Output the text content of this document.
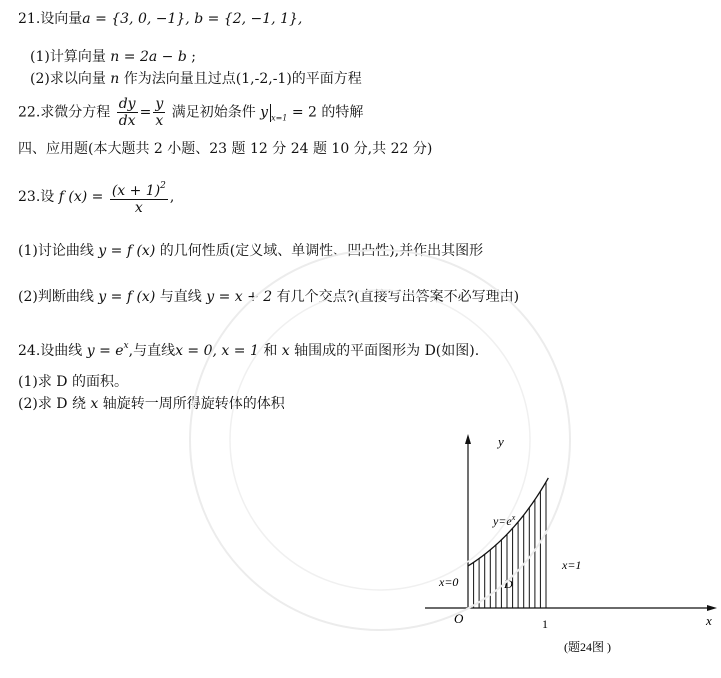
21.设向量a = {3, 0, −1}, b = {2, −1, 1},
(1)计算向量 n = 2a − b ;
(2)求以向量 n 作为法向量且过点(1,-2,-1)的平面方程
22.求微分方程 $\frac{dy}{dx} = \frac{y}{x}$ 满足初始条件 y $_{x=1}$ = 2 的特解
四、应用题(本大题共 2 小题、23 题 12 分 24 题 10 分,共 22 分)
23.设 f $(x) = \frac{(x + 1)^2}{x}$ ,
(1)讨论曲线 y = f (x) 的几何性质(定义域、单调性、凹凸性),并作出其图形
(2)判断曲线 y = f (x) 与直线 y = x + 2 有几个交点?(直接写出答案不必写理由)
24.设曲线 $y = e^x$,与直线x = 0, x = 1 和 x 轴围成的平面图形为 D(如图).
(1)求 D 的面积。
(2)求 D 绕 x 轴旋转一周所得旋转体的体积
y
x
O
$y=e^x$
x=0
x=1
D
1
(题24图 )
